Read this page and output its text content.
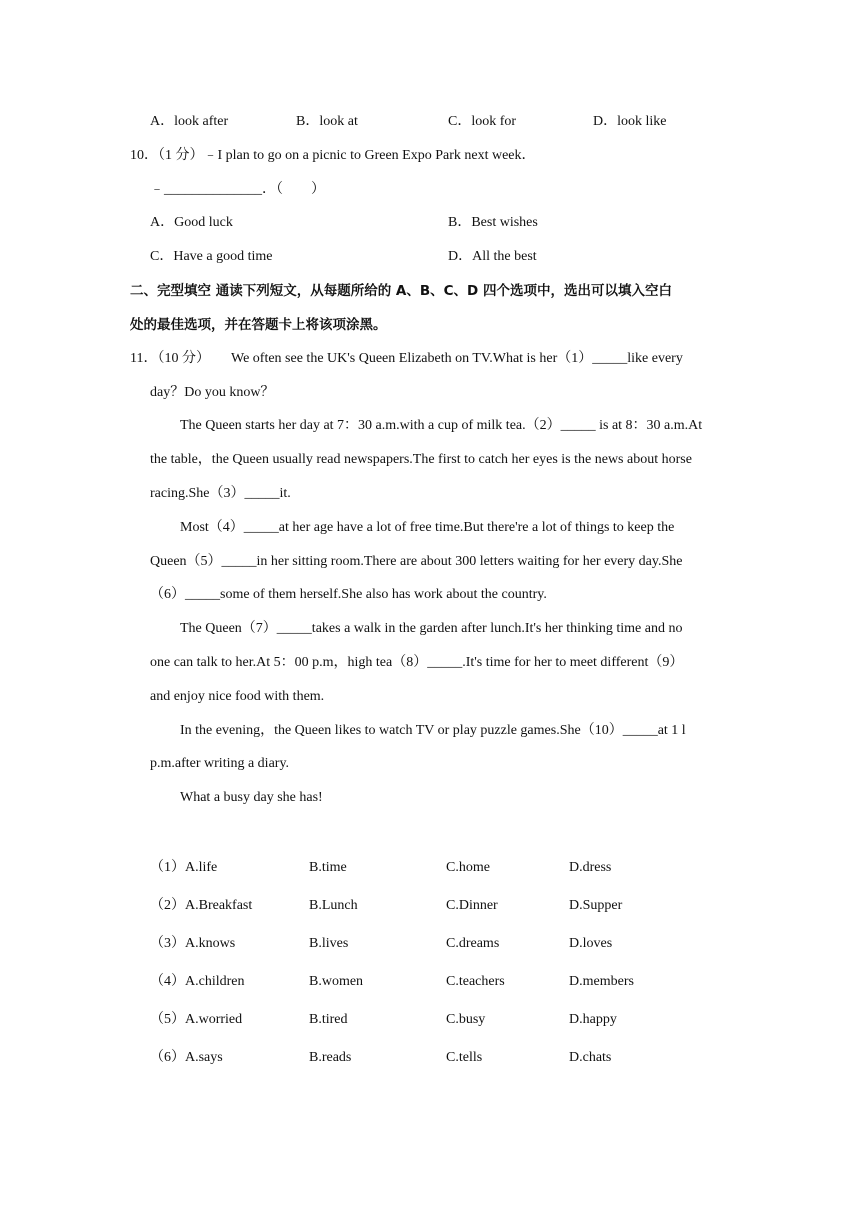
A．look after	B．look at	C．look for	D．look like
10．（1 分）﹣I plan to go on a picnic to Green Expo Park next week．
﹣______________．（　　）
A．Good luck	B．Best wishes
C．Have a good time	D．All the best
二、完型填空 通读下列短文，从每题所给的 A、B、C、D 四个选项中，选出可以填入空白
处的最佳选项，并在答题卡上将该项涂黑。
11．（10 分）　　We often see the UK's Queen Elizabeth on TV.What is her（1）_____like every
day？Do you know？
The Queen starts her day at 7：30 a.m.with a cup of milk tea.（2）_____ is at 8：30 a.m.At
the table，the Queen usually read newspapers.The first to catch her eyes is the news about horse
racing.She（3）_____it.
Most（4）_____at her age have a lot of free time.But there're a lot of things to keep the
Queen（5）_____in her sitting room.There are about 300 letters waiting for her every day.She
（6）_____some of them herself.She also has work about the country.
The Queen（7）_____takes a walk in the garden after lunch.It's her thinking time and no
one can talk to her.At 5：00 p.m，high tea（8）_____.It's time for her to meet different（9）
and enjoy nice food with them.
In the evening，the Queen likes to watch TV or play puzzle games.She（10）_____at 1 l
p.m.after writing a diary.
What a busy day she has!
（1）A.life	B.time	C.home	D.dress
（2）A.Breakfast	B.Lunch	C.Dinner	D.Supper
（3）A.knows	B.lives	C.dreams	D.loves
（4）A.children	B.women	C.teachers	D.members
（5）A.worried	B.tired	C.busy	D.happy
（6）A.says	B.reads	C.tells	D.chats
